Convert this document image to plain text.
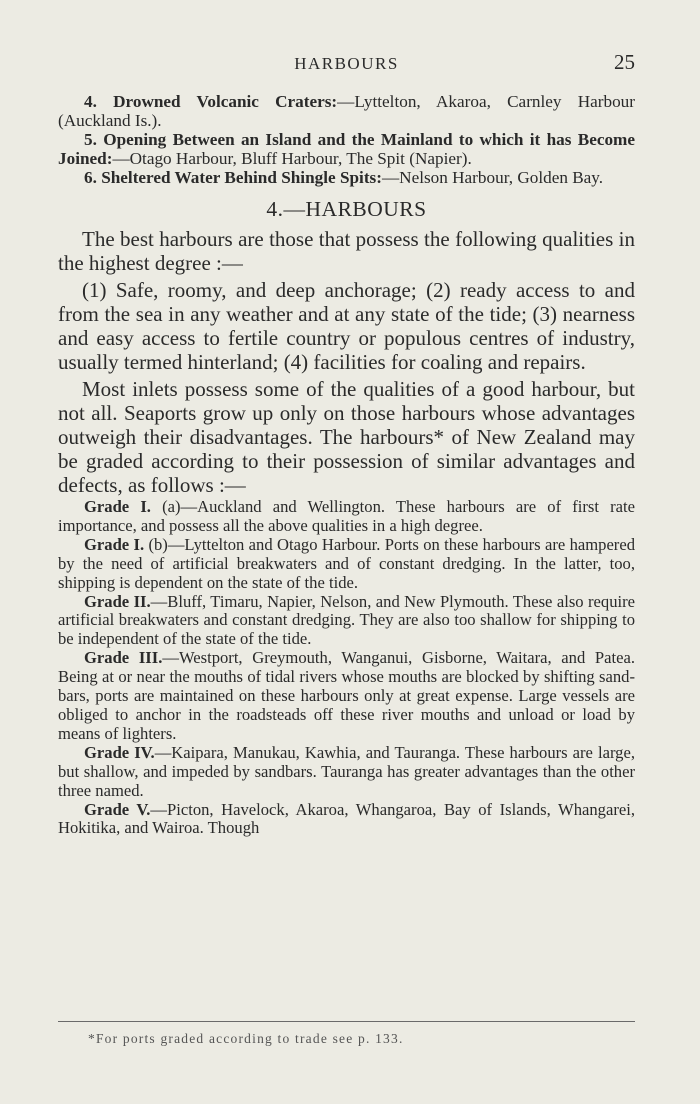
HARBOURS	25

4. Drowned Volcanic Craters:—Lyttelton, Akaroa, Carnley Harbour (Auckland Is.).

5. Opening Between an Island and the Mainland to which it has Become Joined:—Otago Harbour, Bluff Harbour, The Spit (Napier).

6. Sheltered Water Behind Shingle Spits:—Nelson Harbour, Golden Bay.

4.—HARBOURS

The best harbours are those that possess the following qualities in the highest degree :—

(1) Safe, roomy, and deep anchorage; (2) ready access to and from the sea in any weather and at any state of the tide; (3) nearness and easy access to fertile country or populous centres of industry, usually termed hinterland; (4) facilities for coaling and repairs.

Most inlets possess some of the qualities of a good harbour, but not all. Seaports grow up only on those harbours whose advantages outweigh their disadvantages. The harbours* of New Zealand may be graded according to their possession of similar advantages and defects, as follows :—

Grade I. (a)—Auckland and Wellington. These harbours are of first rate importance, and possess all the above qualities in a high degree.

Grade I. (b)—Lyttelton and Otago Harbour. Ports on these harbours are hampered by the need of artificial breakwaters and of constant dredging. In the latter, too, shipping is dependent on the state of the tide.

Grade II.—Bluff, Timaru, Napier, Nelson, and New Plymouth. These also require artificial breakwaters and constant dredging. They are also too shallow for shipping to be independent of the state of the tide.

Grade III.—Westport, Greymouth, Wanganui, Gisborne, Waitara, and Patea. Being at or near the mouths of tidal rivers whose mouths are blocked by shifting sand-bars, ports are maintained on these harbours only at great expense. Large vessels are obliged to anchor in the roadsteads off these river mouths and unload or load by means of lighters.

Grade IV.—Kaipara, Manukau, Kawhia, and Tauranga. These harbours are large, but shallow, and impeded by sandbars. Tauranga has greater advantages than the other three named.

Grade V.—Picton, Havelock, Akaroa, Whangaroa, Bay of Islands, Whangarei, Hokitika, and Wairoa. Though

*For ports graded according to trade see p. 133.
